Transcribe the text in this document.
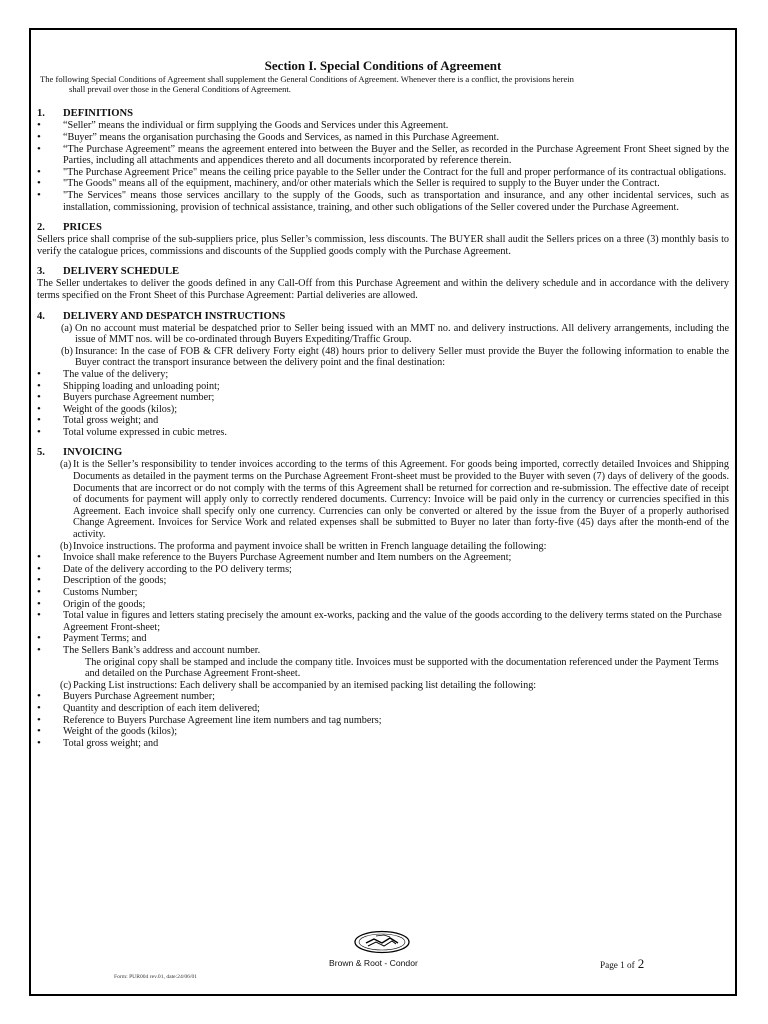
Section I. Special Conditions of Agreement
The following Special Conditions of Agreement shall supplement the General Conditions of Agreement. Whenever there is a conflict, the provisions herein
shall prevail over those in the General Conditions of Agreement.
1. DEFINITIONS
• “Seller” means the individual or firm supplying the Goods and Services under this Agreement.
• “Buyer” means the organisation purchasing the Goods and Services, as named in this Purchase Agreement.
• “The Purchase Agreement” means the agreement entered into between the Buyer and the Seller, as recorded in the Purchase Agreement Front Sheet signed by the Parties, including all attachments and appendices thereto and all documents incorporated by reference therein.
• "The Purchase Agreement Price" means the ceiling price payable to the Seller under the Contract for the full and proper performance of its contractual obligations.
• "The Goods" means all of the equipment, machinery, and/or other materials which the Seller is required to supply to the Buyer under the Contract.
• "The Services" means those services ancillary to the supply of the Goods, such as transportation and insurance, and any other incidental services, such as installation, commissioning, provision of technical assistance, training, and other such obligations of the Seller covered under the Purchase Agreement.
2. PRICES

Sellers price shall comprise of the sub-suppliers price, plus Seller’s commission, less discounts. The BUYER shall audit the Sellers prices on a three (3) monthly basis to verify the catalogue prices, commissions and discounts of the Supplied goods comply with the Purchase Agreement.

3. DELIVERY SCHEDULE

The Seller undertakes to deliver the goods defined in any Call-Off from this Purchase Agreement and within the delivery schedule and in accordance with the delivery terms specified on the Front Sheet of this Purchase Agreement: Partial deliveries are allowed.

4. DELIVERY AND DESPATCH INSTRUCTIONS
(a) On no account must material be despatched prior to Seller being issued with an MMT no. and delivery instructions. All delivery arrangements, including the issue of MMT nos. will be co-ordinated through Buyers Expediting/Traffic Group.
(b) Insurance: In the case of FOB & CFR delivery Forty eight (48) hours prior to delivery Seller must provide the Buyer the following information to enable the Buyer contract the transport insurance between the delivery point and the final destination:
• The value of the delivery;
• Shipping loading and unloading point;
• Buyers purchase Agreement number;
• Weight of the goods (kilos);
• Total gross weight; and
• Total volume expressed in cubic metres.
5. INVOICING
(a) It is the Seller’s responsibility to tender invoices according to the terms of this Agreement. For goods being imported, correctly detailed Invoices and Shipping Documents as detailed in the payment terms on the Purchase Agreement Front-sheet must be provided to the Buyer with seven (7) days of delivery of the goods. Documents that are incorrect or do not comply with the terms of this Agreement shall be returned for correction and re-submission. The effective date of receipt of documents for payment will apply only to correctly rendered documents. Currency: Invoice will be paid only in the currency or currencies specified in this Agreement. Each invoice shall specify only one currency. Currencies can only be converted or altered by the issue from the Buyer of a properly authorised Change Agreement. Invoices for Service Work and related expenses shall be submitted to Buyer no later than forty-five (45) days after the month-end of the activity.
(b) Invoice instructions. The proforma and payment invoice shall be written in French language detailing the following:
• Invoice shall make reference to the Buyers Purchase Agreement number and Item numbers on the Agreement;
• Date of the delivery according to the PO delivery terms;
• Description of the goods;
• Customs Number;
• Origin of the goods;
• Total value in figures and letters stating precisely the amount ex-works, packing and the value of the goods according to the delivery terms stated on the Purchase Agreement Front-sheet;
• Payment Terms; and
• The Sellers Bank’s address and account number.

The original copy shall be stamped and include the company title. Invoices must be supported with the documentation referenced under the Payment Terms and detailed on the Purchase Agreement Front-sheet.

(c) Packing List instructions: Each delivery shall be accompanied by an itemised packing list detailing the following:
• Buyers Purchase Agreement number;
• Quantity and description of each item delivered;
• Reference to Buyers Purchase Agreement line item numbers and tag numbers;
• Weight of the goods (kilos);
• Total gross weight; and
Brown & Root - Condor	Page 1 of 2
Form: PUR004 rev.01, date:24/06/01
